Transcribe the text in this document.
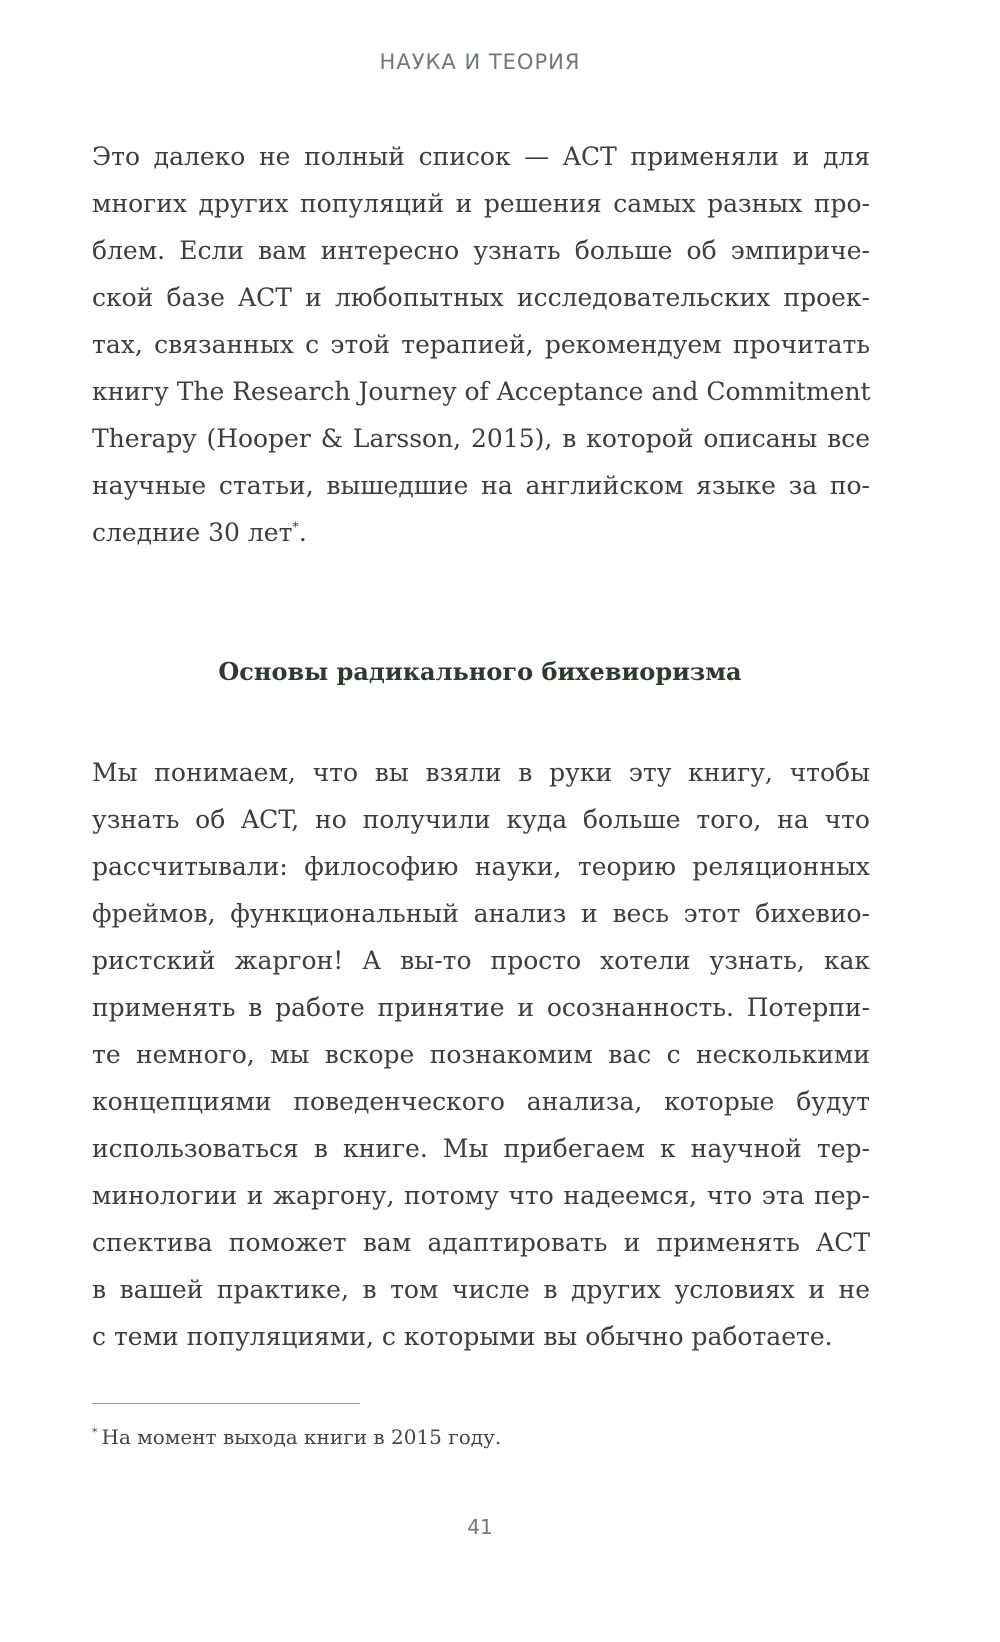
НАУКА И ТЕОРИЯ
Это далеко не полный список — ACT применяли и для
многих других популяций и решения самых разных про-
блем. Если вам интересно узнать больше об эмпириче-
ской базе ACT и любопытных исследовательских проек-
тах, связанных с этой терапией, рекомендуем прочитать
книгу The Research Journey of Acceptance and Commitment
Therapy (Hooper & Larsson, 2015), в которой описаны все
научные статьи, вышедшие на английском языке за по-
следние 30 лет*.
Основы радикального бихевиоризма
Мы понимаем, что вы взяли в руки эту книгу, чтобы
узнать об ACT, но получили куда больше того, на что
рассчитывали: философию науки, теорию реляционных
фреймов, функциональный анализ и весь этот бихевио-
ристский жаргон! А вы-то просто хотели узнать, как
применять в работе принятие и осознанность. Потерпи-
те немного, мы вскоре познакомим вас с несколькими
концепциями поведенческого анализа, которые будут
использоваться в книге. Мы прибегаем к научной тер-
минологии и жаргону, потому что надеемся, что эта пер-
спектива поможет вам адаптировать и применять ACT
в вашей практике, в том числе в других условиях и не
с теми популяциями, с которыми вы обычно работаете.
* На момент выхода книги в 2015 году.
41
